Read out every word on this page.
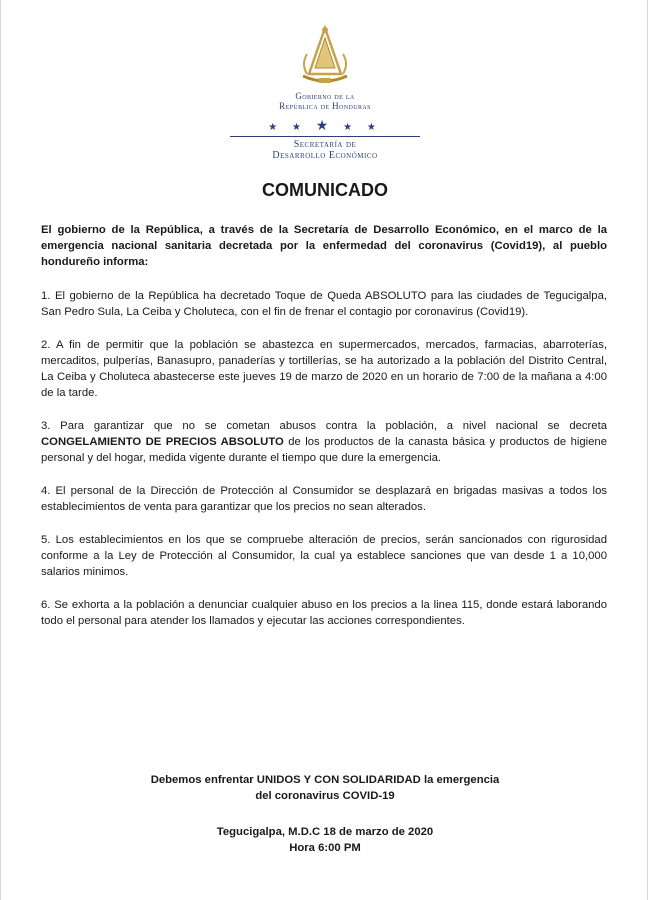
Gobierno de la
República de Honduras
★ ★ ★ ★ ★
Secretaría de
Desarrollo Económico
COMUNICADO

El gobierno de la República, a través de la Secretaría de Desarrollo Económico, en el marco de la emergencia nacional sanitaria decretada por la enfermedad del coronavirus (Covid19), al pueblo hondureño informa:

1. El gobierno de la República ha decretado Toque de Queda ABSOLUTO para las ciudades de Tegucigalpa, San Pedro Sula, La Ceiba y Choluteca, con el fin de frenar el contagio por coronavirus (Covid19).

2. A fin de permitir que la población se abastezca en supermercados, mercados, farmacias, abarroterías, mercaditos, pulperías, Banasupro, panaderías y tortillerías, se ha autorizado a la población del Distrito Central, La Ceiba y Choluteca abastecerse este jueves 19 de marzo de 2020 en un horario de 7:00 de la mañana a 4:00 de la tarde.

3. Para garantizar que no se cometan abusos contra la población, a nivel nacional se decreta CONGELAMIENTO DE PRECIOS ABSOLUTO de los productos de la canasta básica y productos de higiene personal y del hogar, medida vigente durante el tiempo que dure la emergencia.

4. El personal de la Dirección de Protección al Consumidor se desplazará en brigadas masivas a todos los establecimientos de venta para garantizar que los precios no sean alterados.

5. Los establecimientos en los que se compruebe alteración de precios, serán sancionados con rigurosidad conforme a la Ley de Protección al Consumidor, la cual ya establece sanciones que van desde 1 a 10,000 salarios minimos.

6. Se exhorta a la población a denunciar cualquier abuso en los precios a la linea 115, donde estará laborando todo el personal para atender los llamados y ejecutar las acciones correspondientes.

Debemos enfrentar UNIDOS Y CON SOLIDARIDAD la emergencia
del coronavirus COVID-19
Tegucigalpa, M.D.C 18 de marzo de 2020
Hora 6:00 PM
